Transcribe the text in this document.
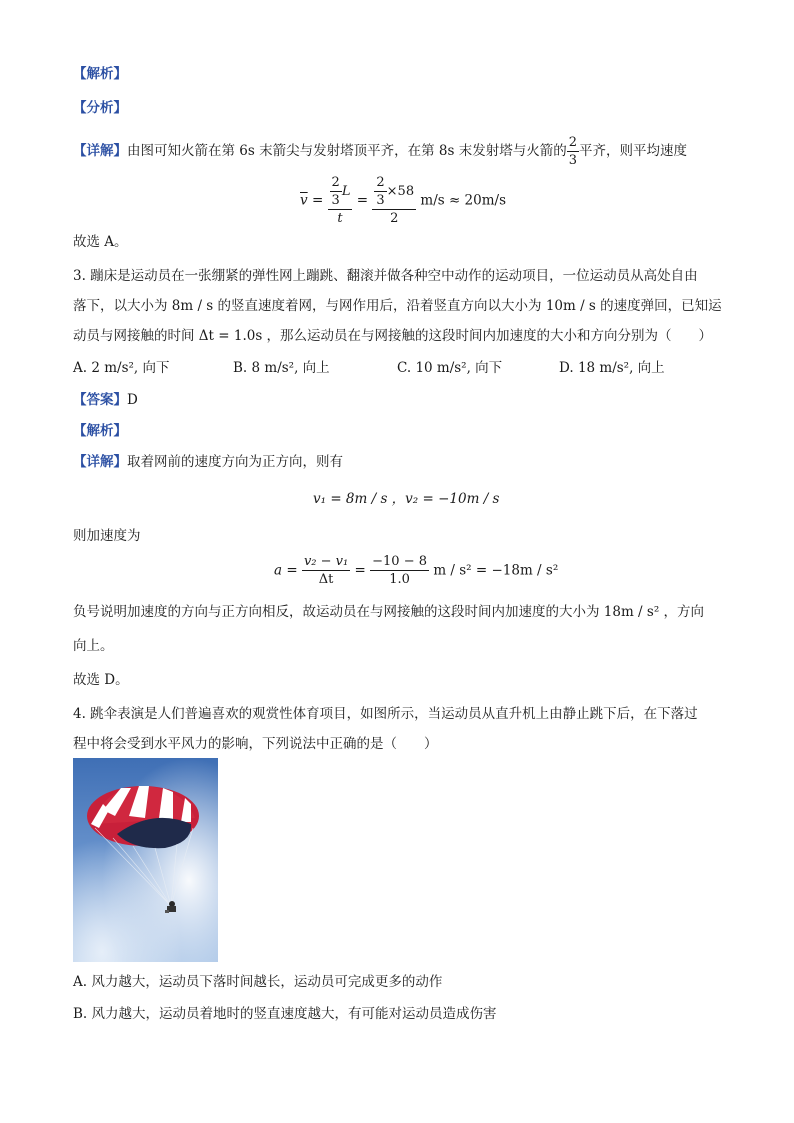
【解析】
【分析】
【详解】由图可知火箭在第 6s 末箭尖与发射塔顶平齐，在第 8s 末发射塔与火箭的 $\frac{2}{3}$ 平齐，则平均速度
$\overline{v} = \frac{\frac{2}{3} L}{t} = \frac{\frac{2}{3} \times 58}{2} m/s \approx 20m/s$
故选 A。
3. 蹦床是运动员在一张绷紧的弹性网上蹦跳、翻滚并做各种空中动作的运动项目，一位运动员从高处自由
落下，以大小为 8m / s 的竖直速度着网，与网作用后，沿着竖直方向以大小为 10m / s 的速度弹回，已知运
动员与网接触的时间 Δt = 1.0s ，那么运动员在与网接触的这段时间内加速度的大小和方向分别为（　　）
A. 2 m/s², 向下	B. 8 m/s², 向上	C. 10 m/s², 向下	D. 18 m/s², 向上
【答案】D
【解析】
【详解】取着网前的速度方向为正方向，则有
v₁ = 8m / s ，v₂ = −10m / s
则加速度为
$a = \frac{\text{v₂ − v₁}}{\Delta t} = \frac{-10 - 8}{1.0}$ m / s² = −18m / s²
负号说明加速度的方向与正方向相反，故运动员在与网接触的这段时间内加速度的大小为 18m / s² ，方向
向上。
故选 D。
4. 跳伞表演是人们普遍喜欢的观赏性体育项目，如图所示，当运动员从直升机上由静止跳下后，在下落过
程中将会受到水平风力的影响，下列说法中正确的是（　　）
A. 风力越大，运动员下落时间越长，运动员可完成更多的动作
B. 风力越大，运动员着地时的竖直速度越大，有可能对运动员造成伤害
